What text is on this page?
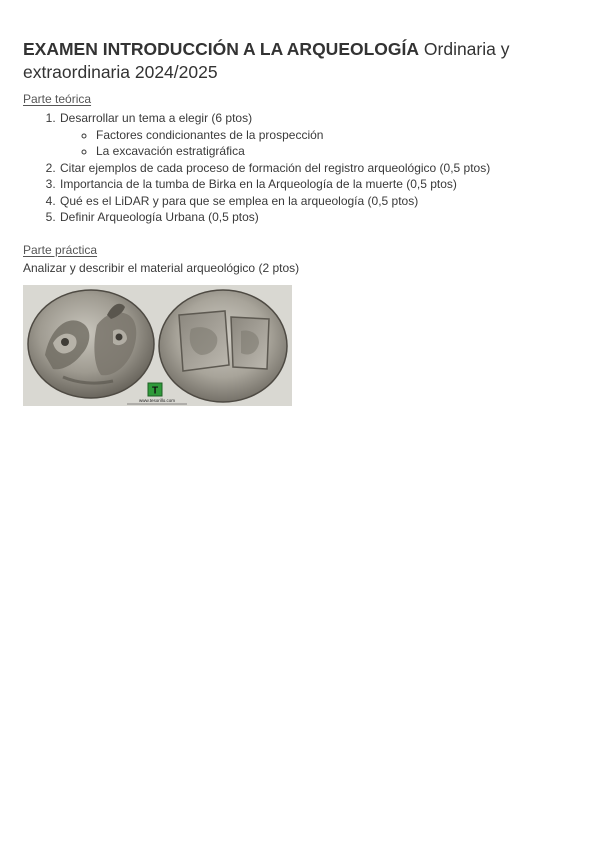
EXAMEN INTRODUCCIÓN A LA ARQUEOLOGÍA Ordinaria y extraordinaria 2024/2025
Parte teórica
1. Desarrollar un tema a elegir (6 ptos)
◦ Factores condicionantes de la prospección
◦ La excavación estratigráfica
2. Citar ejemplos de cada proceso de formación del registro arqueológico (0,5 ptos)
3. Importancia de la tumba de Birka en la Arqueología de la muerte (0,5 ptos)
4. Qué es el LiDAR y para que se emplea en la arqueología (0,5 ptos)
5. Definir Arqueología Urbana (0,5 ptos)
Parte práctica
Analizar y describir el material arqueológico (2 ptos)
T
www.tesorillo.com
